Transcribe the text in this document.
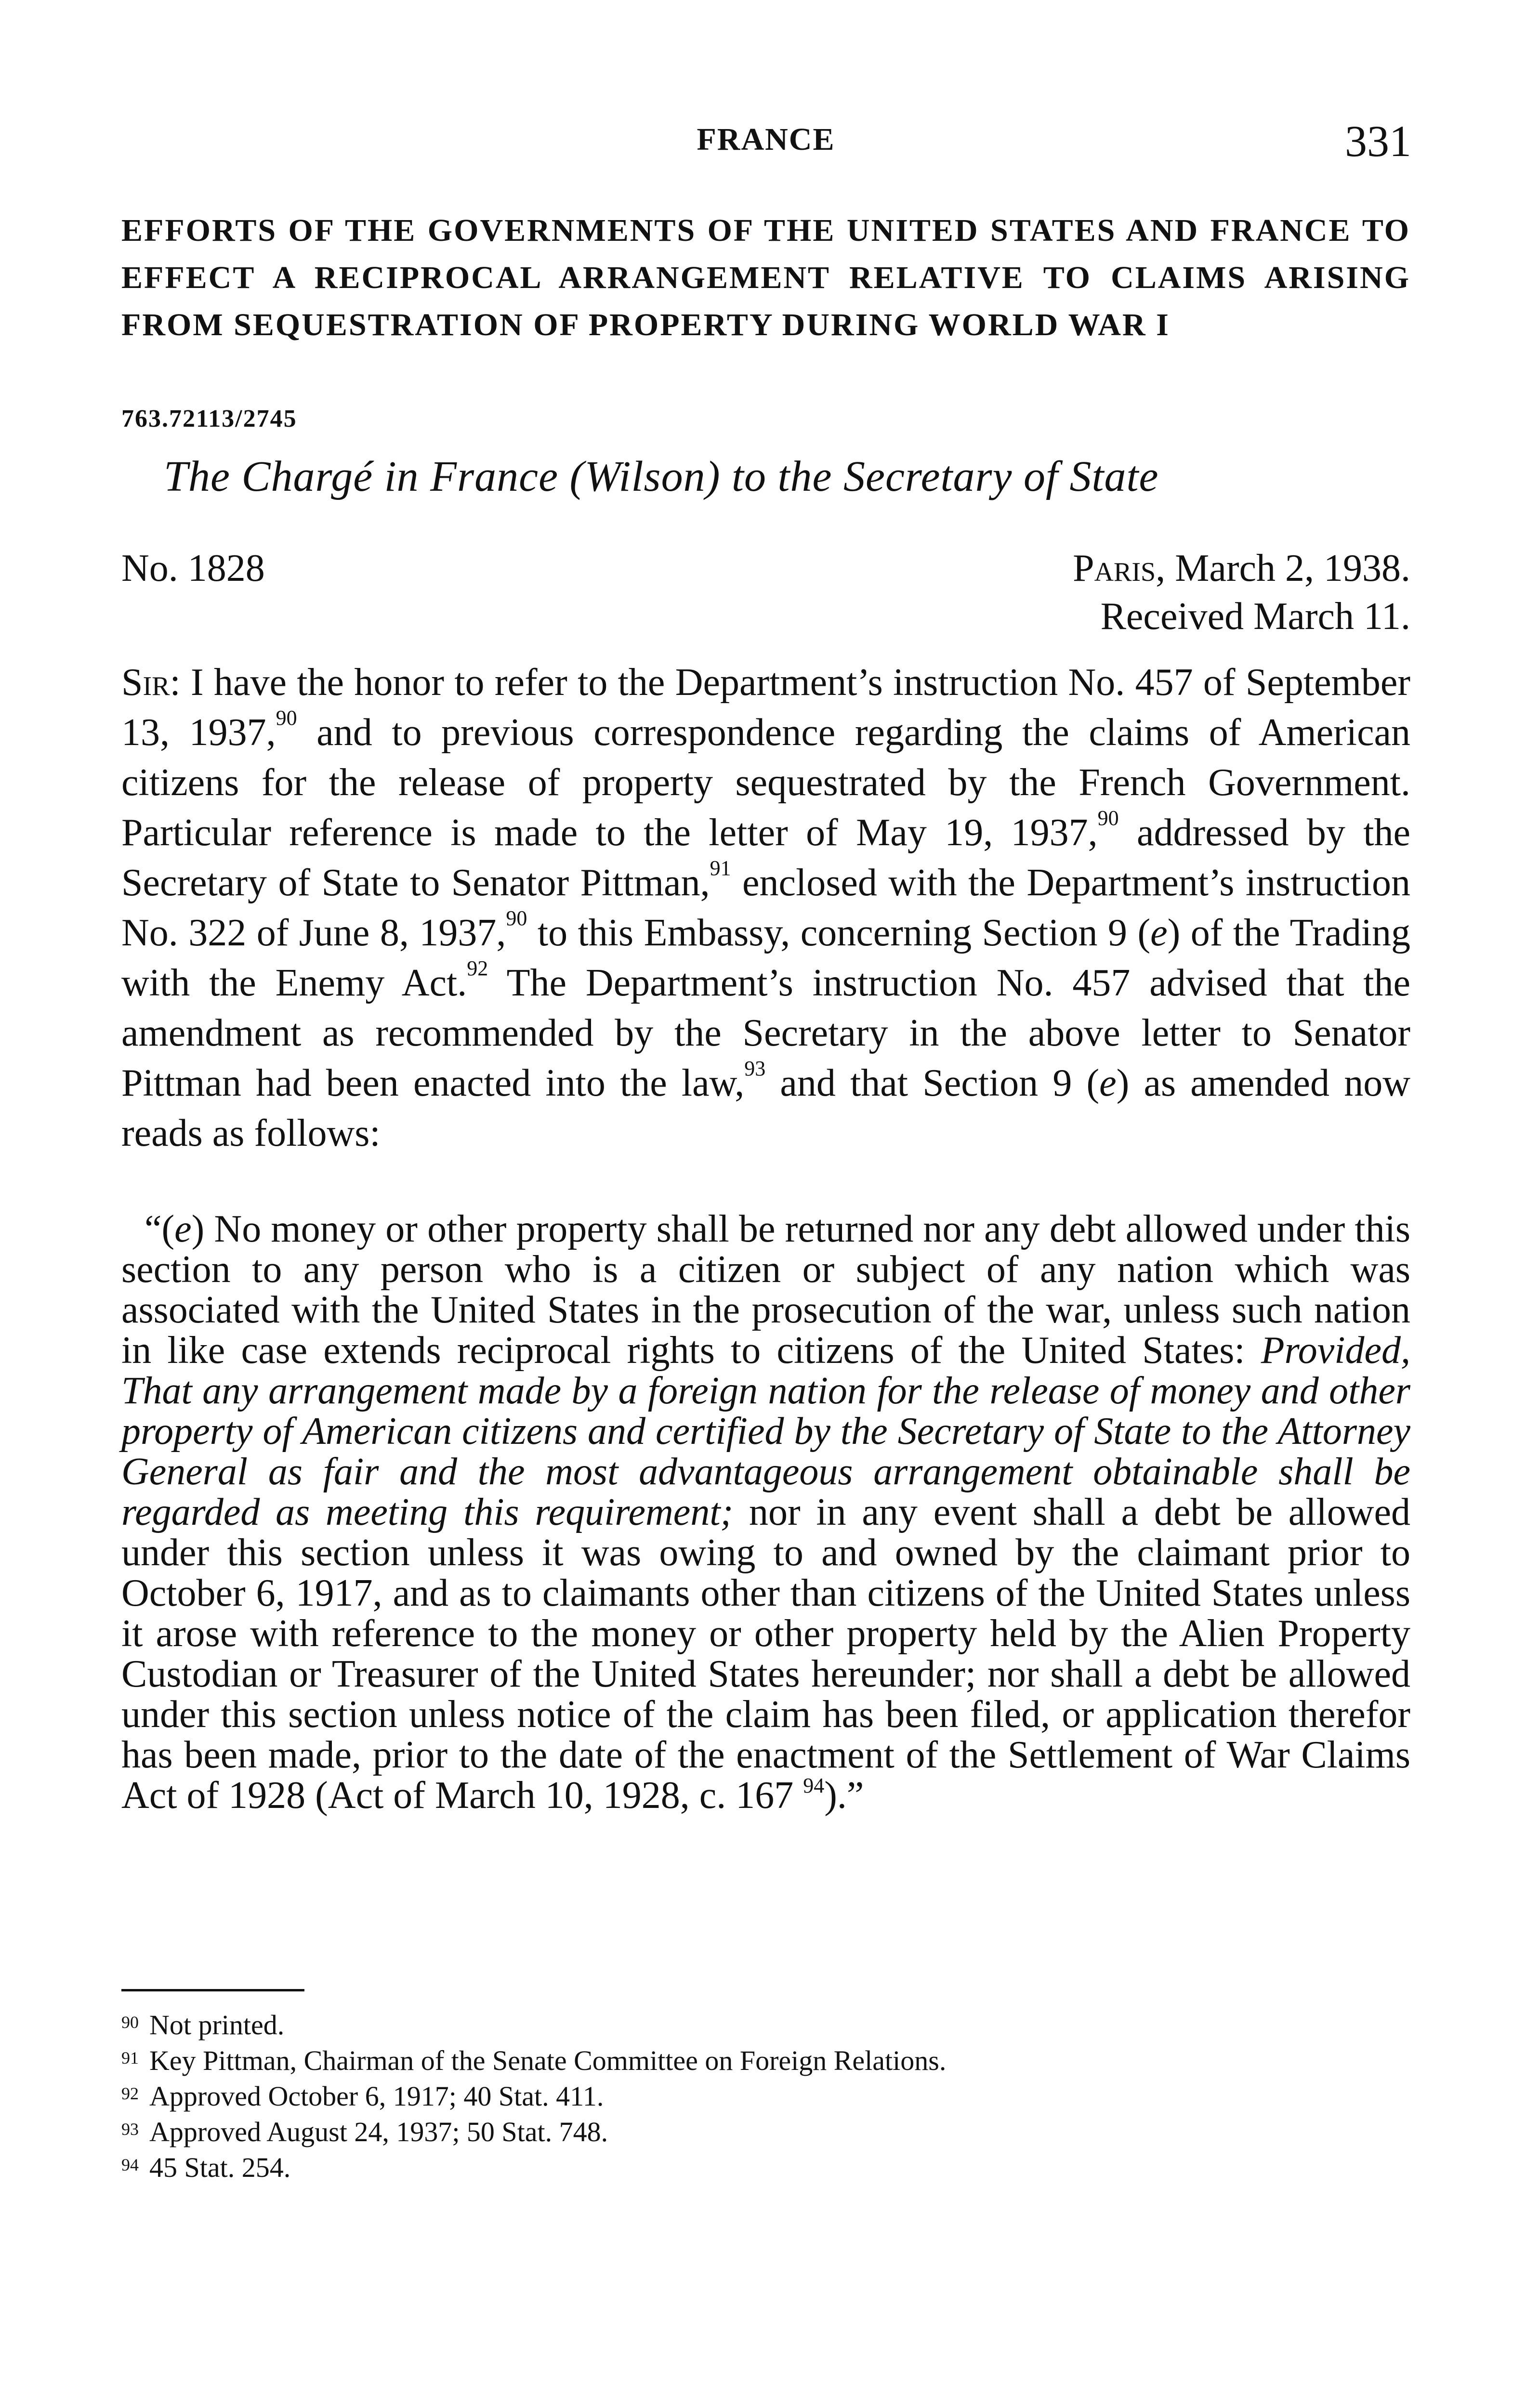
FRANCE	331
EFFORTS OF THE GOVERNMENTS OF THE UNITED STATES AND FRANCE TO EFFECT A RECIPROCAL ARRANGEMENT RELATIVE TO CLAIMS ARISING FROM SEQUESTRATION OF PROPERTY DURING WORLD WAR I
763.72113/2745
The Chargé in France (Wilson) to the Secretary of State
No. 1828	Paris, March 2, 1938.
Received March 11.

Sir: I have the honor to refer to the Department’s instruction No. 457 of September 13, 1937,90 and to previous correspondence regarding the claims of American citizens for the release of property sequestrated by the French Government. Particular reference is made to the letter of May 19, 1937,90 addressed by the Secretary of State to Senator Pittman,$^{91}$ enclosed with the Department’s instruction No. 322 of June 8, 1937,90 to this Embassy, concerning Section 9 (e) of the Trading with the Enemy Act.$^{92}$ The Department’s instruction No. 457 advised that the amendment as recommended by the Secretary in the above letter to Senator Pittman had been enacted into the law,$^{93}$ and that Section 9 (e) as amended now reads as follows:

“(e) No money or other property shall be returned nor any debt allowed under this section to any person who is a citizen or subject of any nation which was associated with the United States in the prosecution of the war, unless such nation in like case extends reciprocal rights to citizens of the United States: Provided, That any arrangement made by a foreign nation for the release of money and other property of American citizens and certified by the Secretary of State to the Attorney General as fair and the most advantageous arrangement obtainable shall be regarded as meeting this requirement; nor in any event shall a debt be allowed under this section unless it was owing to and owned by the claimant prior to October 6, 1917, and as to claimants other than citizens of the United States unless it arose with reference to the money or other property held by the Alien Property Custodian or Treasurer of the United States hereunder; nor shall a debt be allowed under this section unless notice of the claim has been filed, or application therefor has been made, prior to the date of the enactment of the Settlement of War Claims Act of 1928 (Act of March 10, 1928, c. 167 $^{94}$).”

90 Not printed.
91 Key Pittman, Chairman of the Senate Committee on Foreign Relations.
92 Approved October 6, 1917; 40 Stat. 411.
93 Approved August 24, 1937; 50 Stat. 748.
94 45 Stat. 254.
